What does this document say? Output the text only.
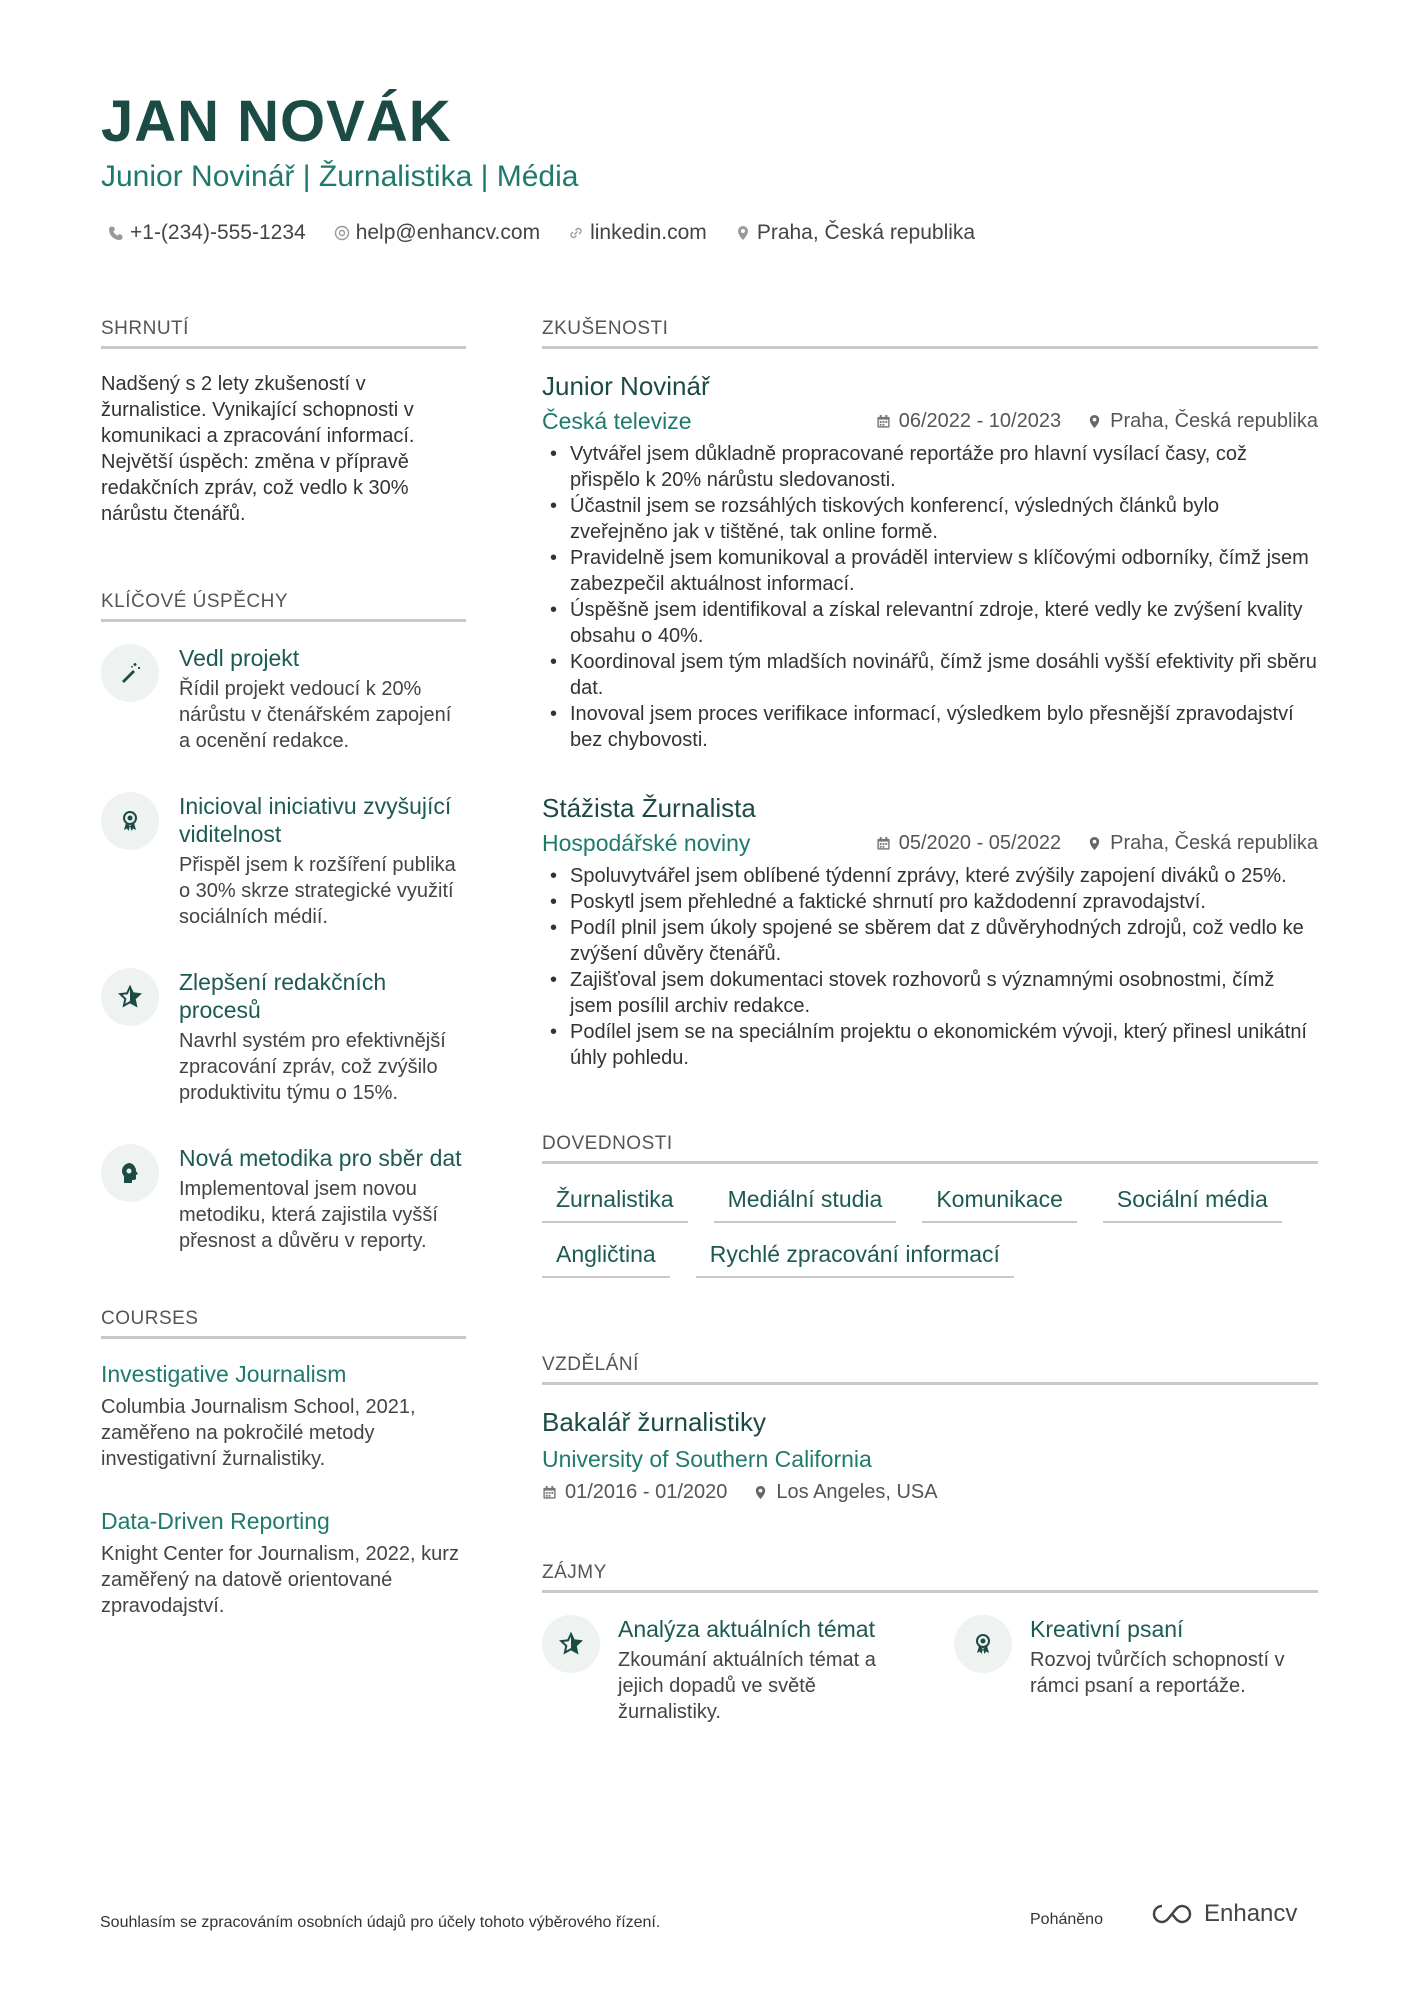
JAN NOVÁK
Junior Novinář | Žurnalistika | Média
+1-(234)-555-1234 help@enhancv.com linkedin.com Praha, Česká republika
SHRNUTÍ
Nadšený s 2 lety zkušeností v žurnalistice. Vynikající schopnosti v komunikaci a zpracování informací. Největší úspěch: změna v přípravě redakčních zpráv, což vedlo k 30% nárůstu čtenářů.
KLÍČOVÉ ÚSPĚCHY
Vedl projekt
Řídil projekt vedoucí k 20% nárůstu v čtenářském zapojení a ocenění redakce.
Inicioval iniciativu zvyšující viditelnost
Přispěl jsem k rozšíření publika o 30% skrze strategické využití sociálních médií.
Zlepšení redakčních procesů
Navrhl systém pro efektivnější zpracování zpráv, což zvýšilo produktivitu týmu o 15%.
Nová metodika pro sběr dat
Implementoval jsem novou metodiku, která zajistila vyšší přesnost a důvěru v reporty.
COURSES
Investigative Journalism
Columbia Journalism School, 2021, zaměřeno na pokročilé metody investigativní žurnalistiky.
Data-Driven Reporting
Knight Center for Journalism, 2022, kurz zaměřený na datově orientované zpravodajství.
ZKUŠENOSTI
Junior Novinář
Česká televize	06/2022 - 10/2023 Praha, Česká republika
• Vytvářel jsem důkladně propracované reportáže pro hlavní vysílací časy, což přispělo k 20% nárůstu sledovanosti.
• Účastnil jsem se rozsáhlých tiskových konferencí, výsledných článků bylo zveřejněno jak v tištěné, tak online formě.
• Pravidelně jsem komunikoval a prováděl interview s klíčovými odborníky, čímž jsem zabezpečil aktuálnost informací.
• Úspěšně jsem identifikoval a získal relevantní zdroje, které vedly ke zvýšení kvality obsahu o 40%.
• Koordinoval jsem tým mladších novinářů, čímž jsme dosáhli vyšší efektivity při sběru dat.
• Inovoval jsem proces verifikace informací, výsledkem bylo přesnější zpravodajství bez chybovosti.
Stážista Žurnalista
Hospodářské noviny	05/2020 - 05/2022 Praha, Česká republika
• Spoluvytvářel jsem oblíbené týdenní zprávy, které zvýšily zapojení diváků o 25%.
• Poskytl jsem přehledné a faktické shrnutí pro každodenní zpravodajství.
• Podíl plnil jsem úkoly spojené se sběrem dat z důvěryhodných zdrojů, což vedlo ke zvýšení důvěry čtenářů.
• Zajišťoval jsem dokumentaci stovek rozhovorů s významnými osobnostmi, čímž jsem posílil archiv redakce.
• Podílel jsem se na speciálním projektu o ekonomickém vývoji, který přinesl unikátní úhly pohledu.
DOVEDNOSTI
Žurnalistika	Mediální studia	Komunikace	Sociální média
Angličtina	Rychlé zpracování informací
VZDĚLÁNÍ
Bakalář žurnalistiky
University of Southern California
01/2016 - 01/2020 Los Angeles, USA
ZÁJMY
Analýza aktuálních témat
Zkoumání aktuálních témat a jejich dopadů ve světě žurnalistiky.
Kreativní psaní
Rozvoj tvůrčích schopností v rámci psaní a reportáže.
Souhlasím se zpracováním osobních údajů pro účely tohoto výběrového řízení.	Poháněno	Enhancv
